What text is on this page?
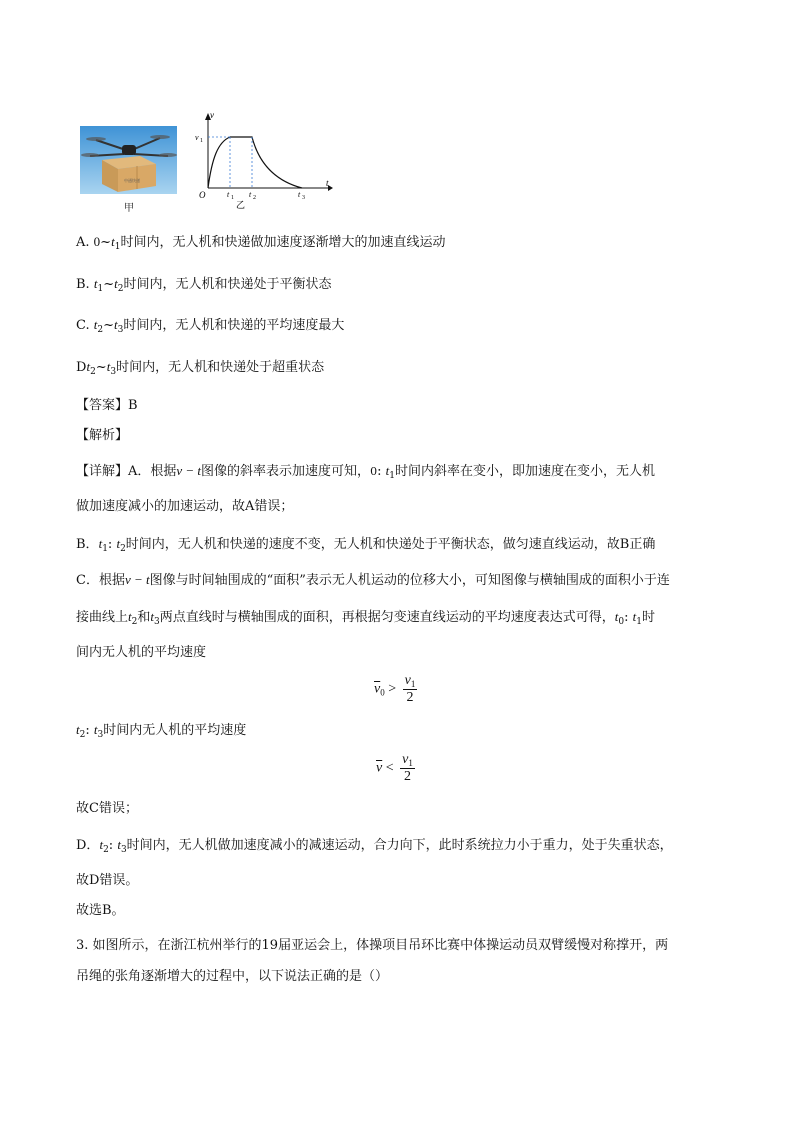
中通快递
甲
v
t
v 1
O	t 1 t 2	t 3
乙
A. $0\sim t_1$时间内，无人机和快递做加速度逐渐增大的加速直线运动
B. $t_1\sim t_2$时间内，无人机和快递处于平衡状态
C. $t_2\sim t_3$时间内，无人机和快递的平均速度最大
$Dt_2\sim t_3$时间内，无人机和快递处于超重状态
【答案】B
【解析】
【详解】A．根据v − t图像的斜率表示加速度可知，0: $t_1$时间内斜率在变小，即加速度在变小，无人机
做加速度减小的加速运动，故A错误；
B．$t_1$: $t_2$时间内，无人机和快递的速度不变，无人机和快递处于平衡状态，做匀速直线运动，故B正确
C．根据v − t图像与时间轴围成的“面积”表示无人机运动的位移大小，可知图像与横轴围成的面积小于连
接曲线上$t_2$和$t_3$两点直线时与横轴围成的面积，再根据匀变速直线运动的平均速度表达式可得，$t_0$: $t_1$时
间内无人机的平均速度
$\overline{v}_0 > \frac{v_1}{2}$
$t_2$: $t_3$时间内无人机的平均速度
$\overline{v} < \frac{v_1}{2}$
故C错误；
D．$t_2$: $t_3$时间内，无人机做加速度减小的减速运动，合力向下，此时系统拉力小于重力，处于失重状态，
故D错误。
故选B。
3. 如图所示，在浙江杭州举行的19届亚运会上，体操项目吊环比赛中体操运动员双臂缓慢对称撑开，两
吊绳的张角逐渐增大的过程中，以下说法正确的是（）
